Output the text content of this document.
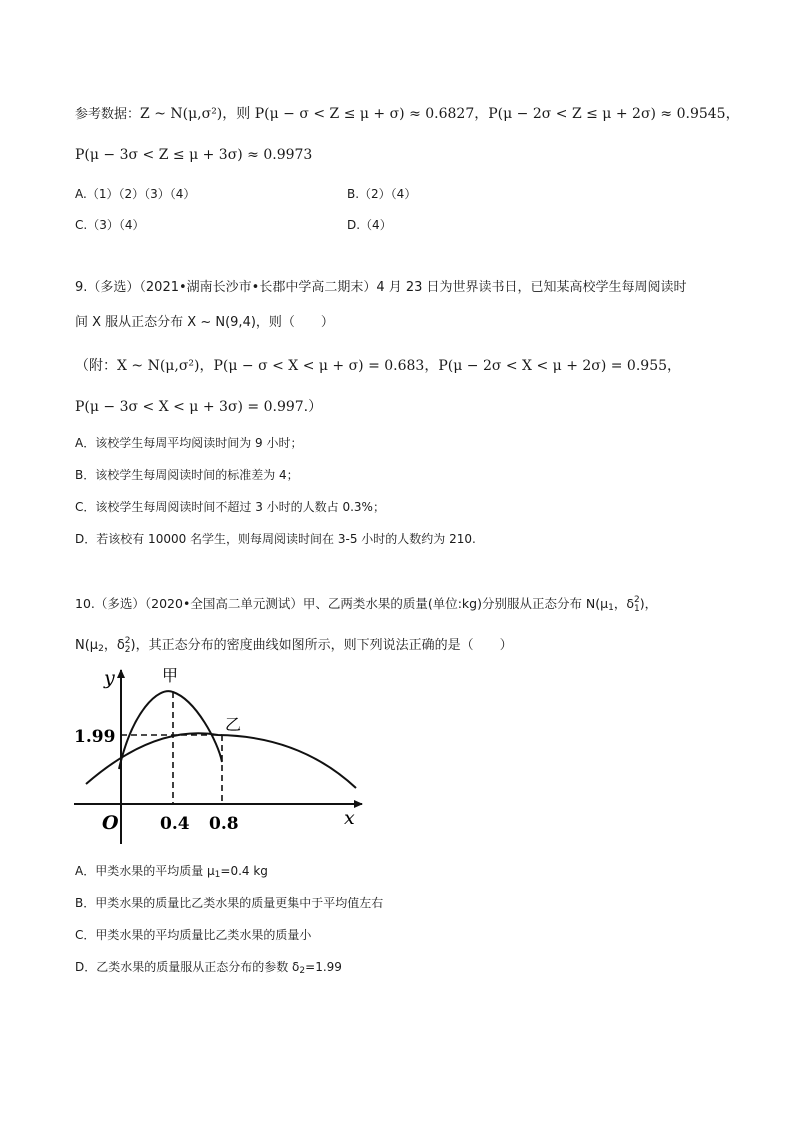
参考数据：Z ~ N(μ,σ²)，则 P(μ − σ < Z ≤ μ + σ) ≈ 0.6827，P(μ − 2σ < Z ≤ μ + 2σ) ≈ 0.9545，
P(μ − 3σ < Z ≤ μ + 3σ) ≈ 0.9973
A.（1）（2）（3）（4）	B.（2）（4）
C.（3）（4）	D.（4）
9.（多选）（2021•湖南长沙市•长郡中学高二期末）4 月 23 日为世界读书日，已知某高校学生每周阅读时
间 X 服从正态分布 X ~ N(9,4)，则（　　）
（附：X ~ N(μ,σ²)，P(μ − σ < X < μ + σ) = 0.683，P(μ − 2σ < X < μ + 2σ) = 0.955，
P(μ − 3σ < X < μ + 3σ) = 0.997.）
A．该校学生每周平均阅读时间为 9 小时；
B．该校学生每周阅读时间的标准差为 4；
C．该校学生每周阅读时间不超过 3 小时的人数占 0.3%；
D．若该校有 10000 名学生，则每周阅读时间在 3-5 小时的人数约为 210.
10.（多选）（2020•全国高二单元测试）甲、乙两类水果的质量(单位:kg)分别服从正态分布 $N(\mu_1$，δ 2
1 )，
$N(\mu_2$，δ 2
2 )，其正态分布的密度曲线如图所示，则下列说法正确的是（　　）
y
x
O
甲
乙
1.99
0.4 0.8
A．甲类水果的平均质量 $\mu_1=0.4$ kg
B．甲类水果的质量比乙类水果的质量更集中于平均值左右
C．甲类水果的平均质量比乙类水果的质量小
D．乙类水果的质量服从正态分布的参数 $\delta_2=1.99$
